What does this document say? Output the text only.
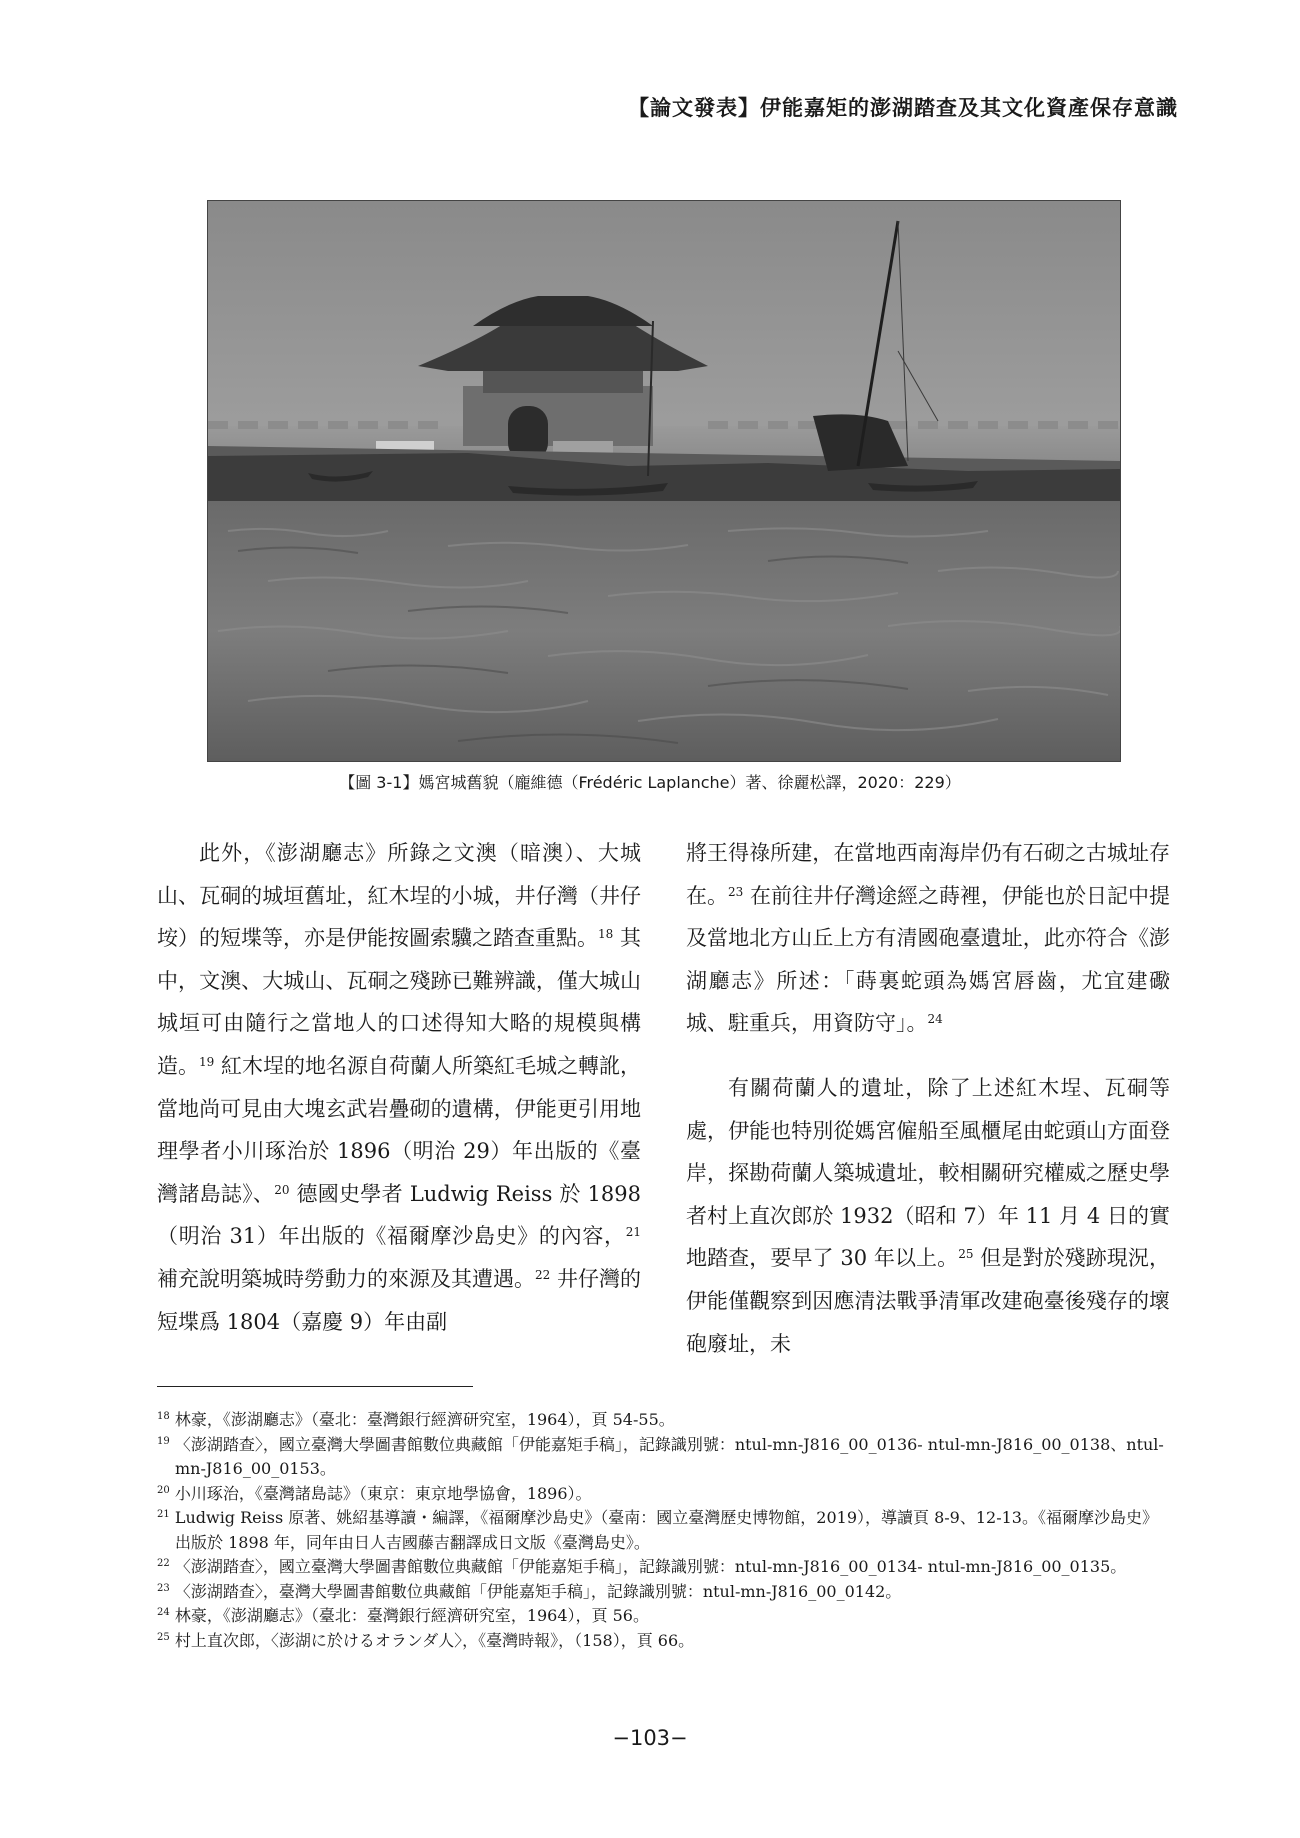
【論文發表】伊能嘉矩的澎湖踏查及其文化資產保存意識
【圖 3-1】媽宮城舊貌（龐維德（Frédéric Laplanche）著、徐麗松譯，2020：229）

此外，《澎湖廳志》所錄之文澳（暗澳）、大城山、瓦硐的城垣舊址，紅木埕的小城，井仔灣（井仔垵）的短堞等，亦是伊能按圖索驥之踏查重點。$^{18}$ 其中，文澳、大城山、瓦硐之殘跡已難辨識，僅大城山城垣可由隨行之當地人的口述得知大略的規模與構造。$^{19}$ 紅木埕的地名源自荷蘭人所築紅毛城之轉訛，當地尚可見由大塊玄武岩疊砌的遺構，伊能更引用地理學者小川琢治於 1896（明治 29）年出版的《臺灣諸島誌》、$^{20}$ 德國史學者 Ludwig Reiss 於 1898（明治 31）年出版的《福爾摩沙島史》的內容，$^{21}$ 補充說明築城時勞動力的來源及其遭遇。$^{22}$ 井仔灣的短堞爲 1804（嘉慶 9）年由副

將王得祿所建，在當地西南海岸仍有石砌之古城址存在。$^{23}$ 在前往井仔灣途經之蒔裡，伊能也於日記中提及當地北方山丘上方有清國砲臺遺址，此亦符合《澎湖廳志》所述：「蒔裏蛇頭為媽宮唇齒，尤宜建礮城、駐重兵，用資防守」。$^{24}$

有關荷蘭人的遺址，除了上述紅木埕、瓦硐等處，伊能也特別從媽宮僱船至風櫃尾由蛇頭山方面登岸，探勘荷蘭人築城遺址，較相關研究權威之歷史學者村上直次郎於 1932（昭和 7）年 11 月 4 日的實地踏查，要早了 30 年以上。$^{25}$ 但是對於殘跡現況，伊能僅觀察到因應清法戰爭清軍改建砲臺後殘存的壞砲廢址，未

$^{18}$ 林豪，《澎湖廳志》（臺北：臺灣銀行經濟研究室，1964），頁 54-55。

$^{19}$ 〈澎湖踏查〉，國立臺灣大學圖書館數位典藏館「伊能嘉矩手稿」，記錄識別號：ntul-mn-J816_00_0136- ntul-mn-J816_00_0138、ntul-mn-J816_00_0153。

$^{20}$ 小川琢治，《臺灣諸島誌》（東京：東京地學協會，1896）。

$^{21}$ Ludwig Reiss 原著、姚紹基導讀・編譯，《福爾摩沙島史》（臺南：國立臺灣歷史博物館，2019），導讀頁 8-9、12-13。《福爾摩沙島史》出版於 1898 年，同年由日人吉國藤吉翻譯成日文版《臺灣島史》。

$^{22}$ 〈澎湖踏查〉，國立臺灣大學圖書館數位典藏館「伊能嘉矩手稿」，記錄識別號：ntul-mn-J816_00_0134- ntul-mn-J816_00_0135。

$^{23}$ 〈澎湖踏查〉，臺灣大學圖書館數位典藏館「伊能嘉矩手稿」，記錄識別號：ntul-mn-J816_00_0142。

$^{24}$ 林豪，《澎湖廳志》（臺北：臺灣銀行經濟研究室，1964），頁 56。

$^{25}$ 村上直次郎，〈澎湖に於けるオランダ人〉，《臺灣時報》，（158），頁 66。

−103−
